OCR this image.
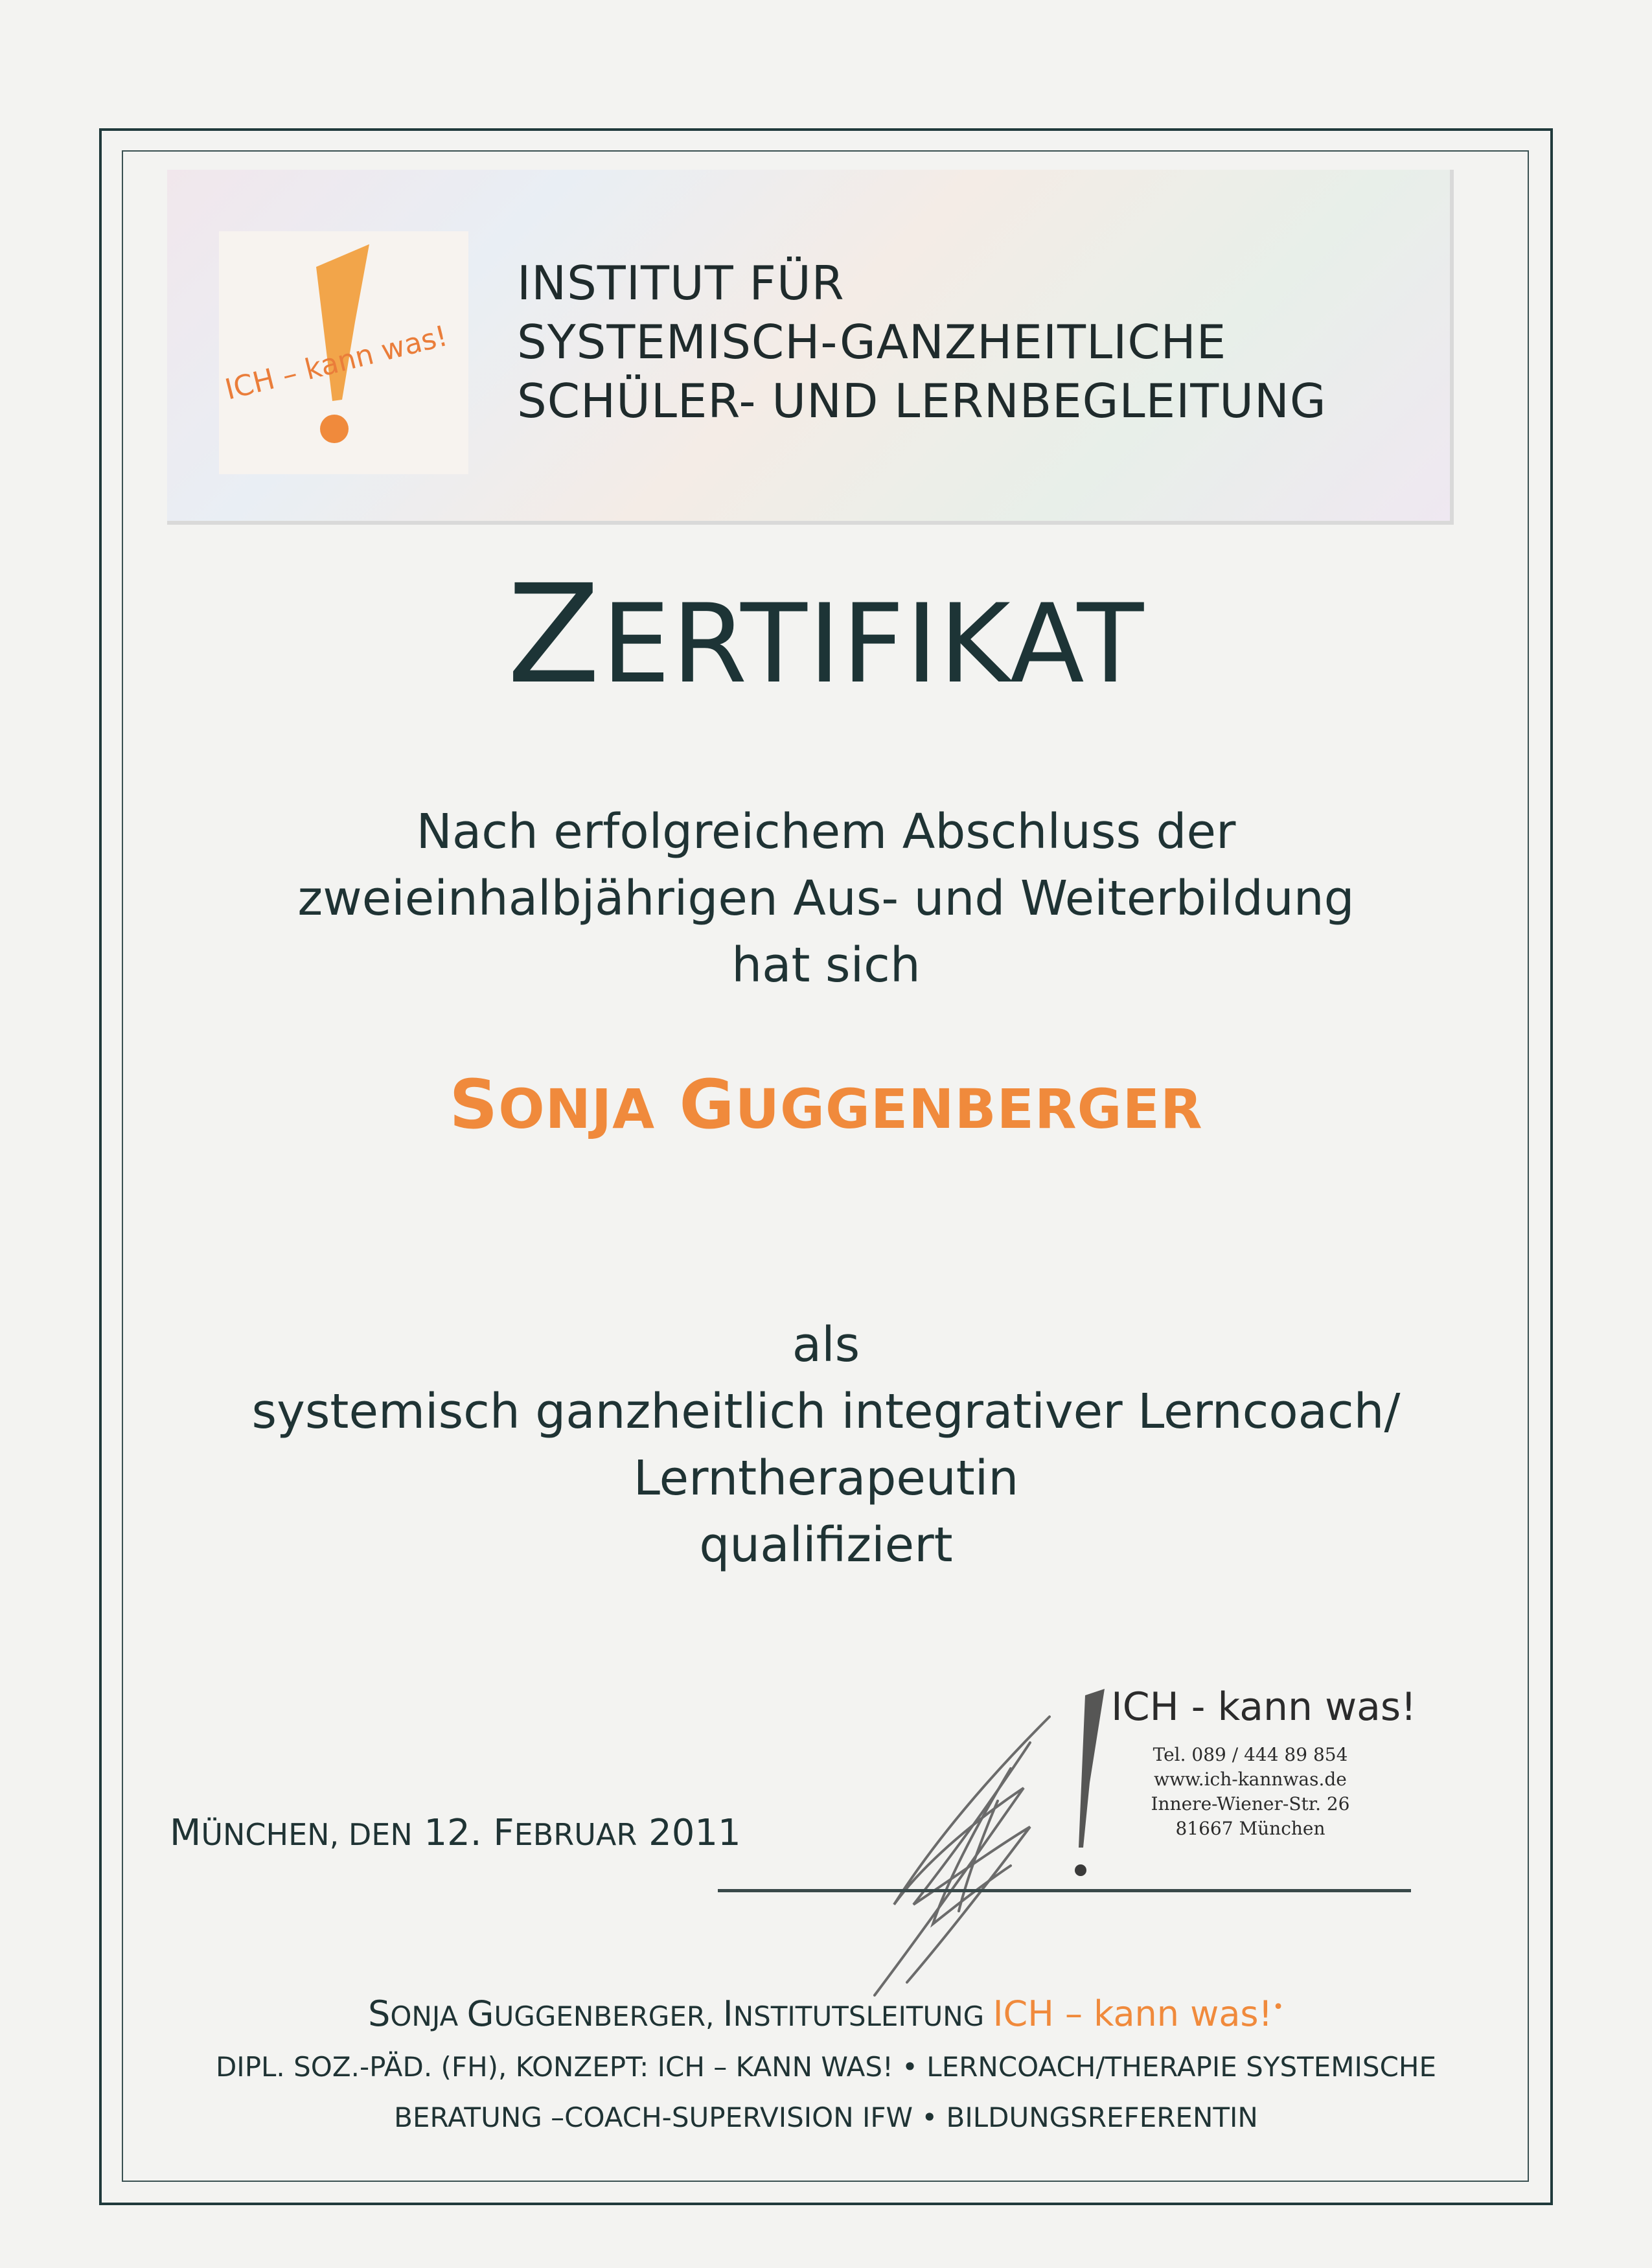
ICH – kann was!
INSTITUT FÜR
SYSTEMISCH-GANZHEITLICHE
SCHÜLER- UND LERNBEGLEITUNG
ZERTIFIKAT
Nach erfolgreichem Abschluss der
zweieinhalbjährigen Aus- und Weiterbildung
hat sich
SONJA GUGGENBERGER
als
systemisch ganzheitlich integrativer Lerncoach/
Lerntherapeutin
qualifiziert
MÜNCHEN, DEN 12. FEBRUAR 2011
ICH - kann was!
Tel. 089 / 444 89 854
www.ich-kannwas.de
Innere-Wiener-Str. 26
81667 München
SONJA GUGGENBERGER, INSTITUTSLEITUNG ICH – kann was!•
DIPL. SOZ.-PÄD. (FH), KONZEPT: ICH – KANN WAS! • LERNCOACH/THERAPIE SYSTEMISCHE
BERATUNG –COACH-SUPERVISION IFW • BILDUNGSREFERENTIN
